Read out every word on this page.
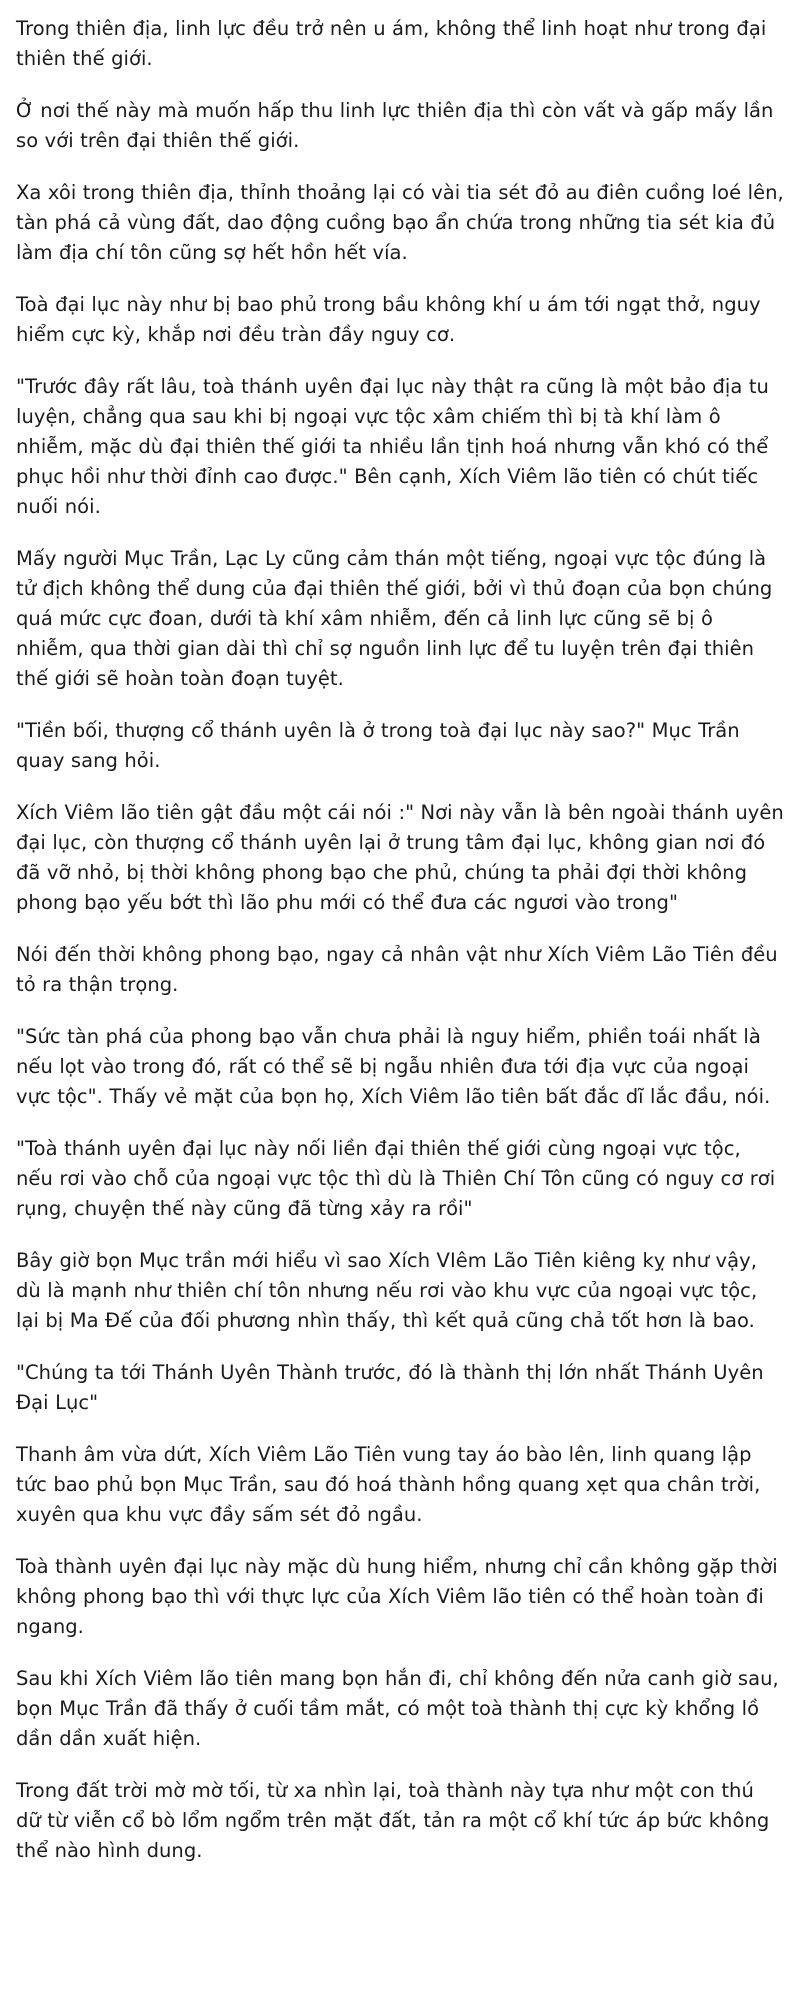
Trong thiên địa, linh lực đều trở nên u ám, không thể linh hoạt như trong đại thiên thế giới.

Ở nơi thế này mà muốn hấp thu linh lực thiên địa thì còn vất và gấp mấy lần so với trên đại thiên thế giới.

Xa xôi trong thiên địa, thỉnh thoảng lại có vài tia sét đỏ au điên cuồng loé lên, tàn phá cả vùng đất, dao động cuồng bạo ẩn chứa trong những tia sét kia đủ làm địa chí tôn cũng sợ hết hồn hết vía.

Toà đại lục này như bị bao phủ trong bầu không khí u ám tới ngạt thở, nguy hiểm cực kỳ, khắp nơi đều tràn đầy nguy cơ.

"Trước đây rất lâu, toà thánh uyên đại lục này thật ra cũng là một bảo địa tu luyện, chẳng qua sau khi bị ngoại vực tộc xâm chiếm thì bị tà khí làm ô nhiễm, mặc dù đại thiên thế giới ta nhiều lần tịnh hoá nhưng vẫn khó có thể phục hồi như thời đỉnh cao được." Bên cạnh, Xích Viêm lão tiên có chút tiếc nuối nói.

Mấy người Mục Trần, Lạc Ly cũng cảm thán một tiếng, ngoại vực tộc đúng là tử địch không thể dung của đại thiên thế giới, bởi vì thủ đoạn của bọn chúng quá mức cực đoan, dưới tà khí xâm nhiễm, đến cả linh lực cũng sẽ bị ô nhiễm, qua thời gian dài thì chỉ sợ nguồn linh lực để tu luyện trên đại thiên thế giới sẽ hoàn toàn đoạn tuyệt.

"Tiền bối, thượng cổ thánh uyên là ở trong toà đại lục này sao?" Mục Trần quay sang hỏi.

Xích Viêm lão tiên gật đầu một cái nói :" Nơi này vẫn là bên ngoài thánh uyên đại lục, còn thượng cổ thánh uyên lại ở trung tâm đại lục, không gian nơi đó đã vỡ nhỏ, bị thời không phong bạo che phủ, chúng ta phải đợi thời không phong bạo yếu bớt thì lão phu mới có thể đưa các ngươi vào trong"

Nói đến thời không phong bạo, ngay cả nhân vật như Xích Viêm Lão Tiên đều tỏ ra thận trọng.

"Sức tàn phá của phong bạo vẫn chưa phải là nguy hiểm, phiền toái nhất là nếu lọt vào trong đó, rất có thể sẽ bị ngẫu nhiên đưa tới địa vực của ngoại vực tộc". Thấy vẻ mặt của bọn họ, Xích Viêm lão tiên bất đắc dĩ lắc đầu, nói.

"Toà thánh uyên đại lục này nối liền đại thiên thế giới cùng ngoại vực tộc, nếu rơi vào chỗ của ngoại vực tộc thì dù là Thiên Chí Tôn cũng có nguy cơ rơi rụng, chuyện thế này cũng đã từng xảy ra rồi"

Bây giờ bọn Mục trần mới hiểu vì sao Xích VIêm Lão Tiên kiêng kỵ như vậy, dù là mạnh như thiên chí tôn nhưng nếu rơi vào khu vực của ngoại vực tộc, lại bị Ma Đế của đối phương nhìn thấy, thì kết quả cũng chả tốt hơn là bao.

"Chúng ta tới Thánh Uyên Thành trước, đó là thành thị lớn nhất Thánh Uyên Đại Lục"

Thanh âm vừa dứt, Xích Viêm Lão Tiên vung tay áo bào lên, linh quang lập tức bao phủ bọn Mục Trần, sau đó hoá thành hồng quang xẹt qua chân trời, xuyên qua khu vực đầy sấm sét đỏ ngầu.

Toà thành uyên đại lục này mặc dù hung hiểm, nhưng chỉ cần không gặp thời không phong bạo thì với thực lực của Xích Viêm lão tiên có thể hoàn toàn đi ngang.

Sau khi Xích Viêm lão tiên mang bọn hắn đi, chỉ không đến nửa canh giờ sau, bọn Mục Trần đã thấy ở cuối tầm mắt, có một toà thành thị cực kỳ khổng lồ dần dần xuất hiện.

Trong đất trời mờ mờ tối, từ xa nhìn lại, toà thành này tựa như một con thú dữ từ viễn cổ bò lổm ngổm trên mặt đất, tản ra một cổ khí tức áp bức không thể nào hình dung.
